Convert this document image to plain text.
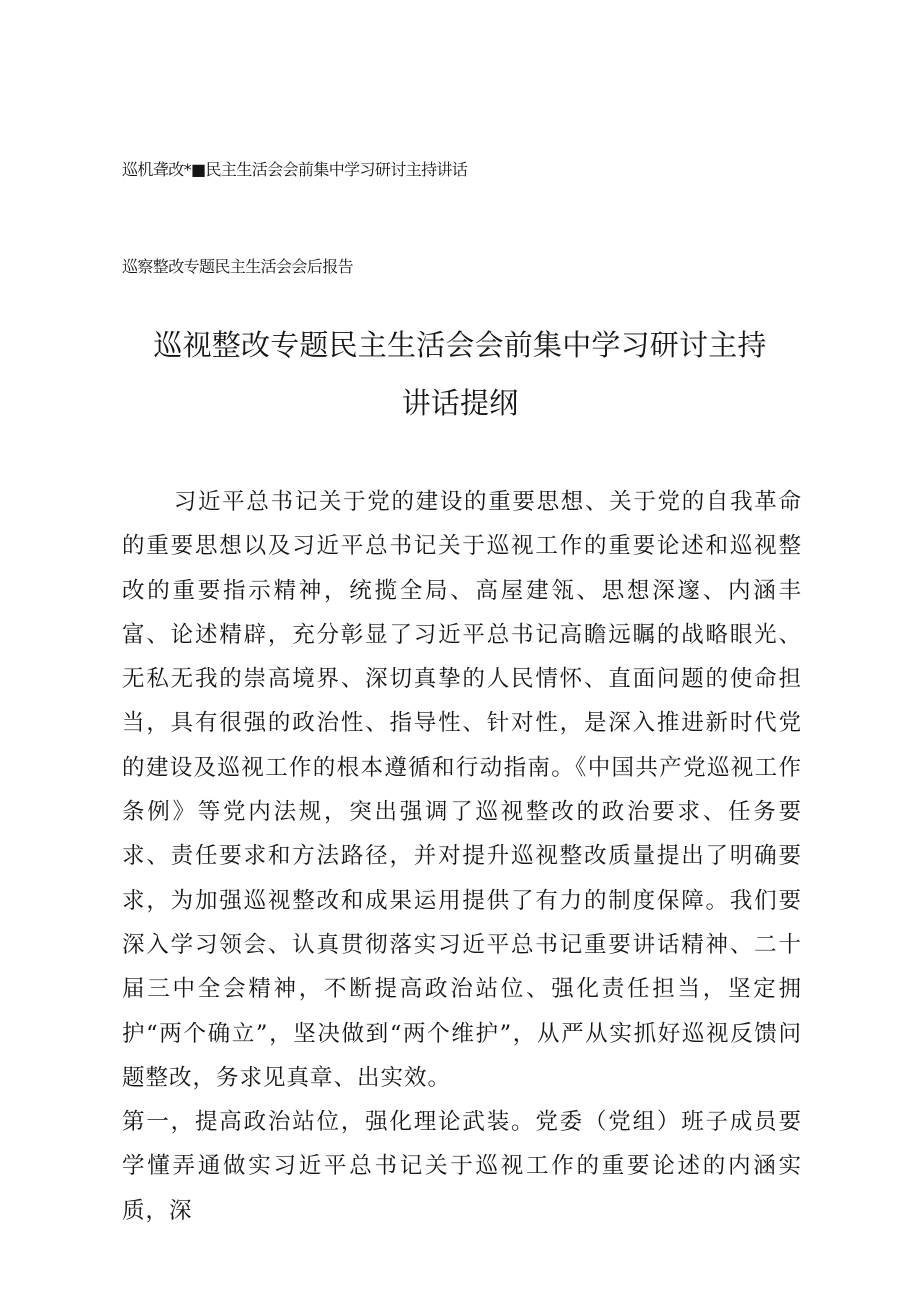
巡机聋改*■民主生活会会前集中学习研讨主持讲话
巡察整改专题民主生活会会后报告
巡视整改专题民主生活会会前集中学习研讨主持讲话提纲

习近平总书记关于党的建设的重要思想、关于党的自我革命的重要思想以及习近平总书记关于巡视工作的重要论述和巡视整改的重要指示精神，统揽全局、高屋建瓴、思想深邃、内涵丰富、论述精辟，充分彰显了习近平总书记高瞻远瞩的战略眼光、无私无我的崇高境界、深切真挚的人民情怀、直面问题的使命担当，具有很强的政治性、指导性、针对性，是深入推进新时代党的建设及巡视工作的根本遵循和行动指南。《中国共产党巡视工作条例》等党内法规，突出强调了巡视整改的政治要求、任务要求、责任要求和方法路径，并对提升巡视整改质量提出了明确要求，为加强巡视整改和成果运用提供了有力的制度保障。我们要深入学习领会、认真贯彻落实习近平总书记重要讲话精神、二十届三中全会精神，不断提高政治站位、强化责任担当，坚定拥护“两个确立”，坚决做到“两个维护”，从严从实抓好巡视反馈问题整改，务求见真章、出实效。

第一，提高政治站位，强化理论武装。党委（党组）班子成员要学懂弄通做实习近平总书记关于巡视工作的重要论述的内涵实质，深
